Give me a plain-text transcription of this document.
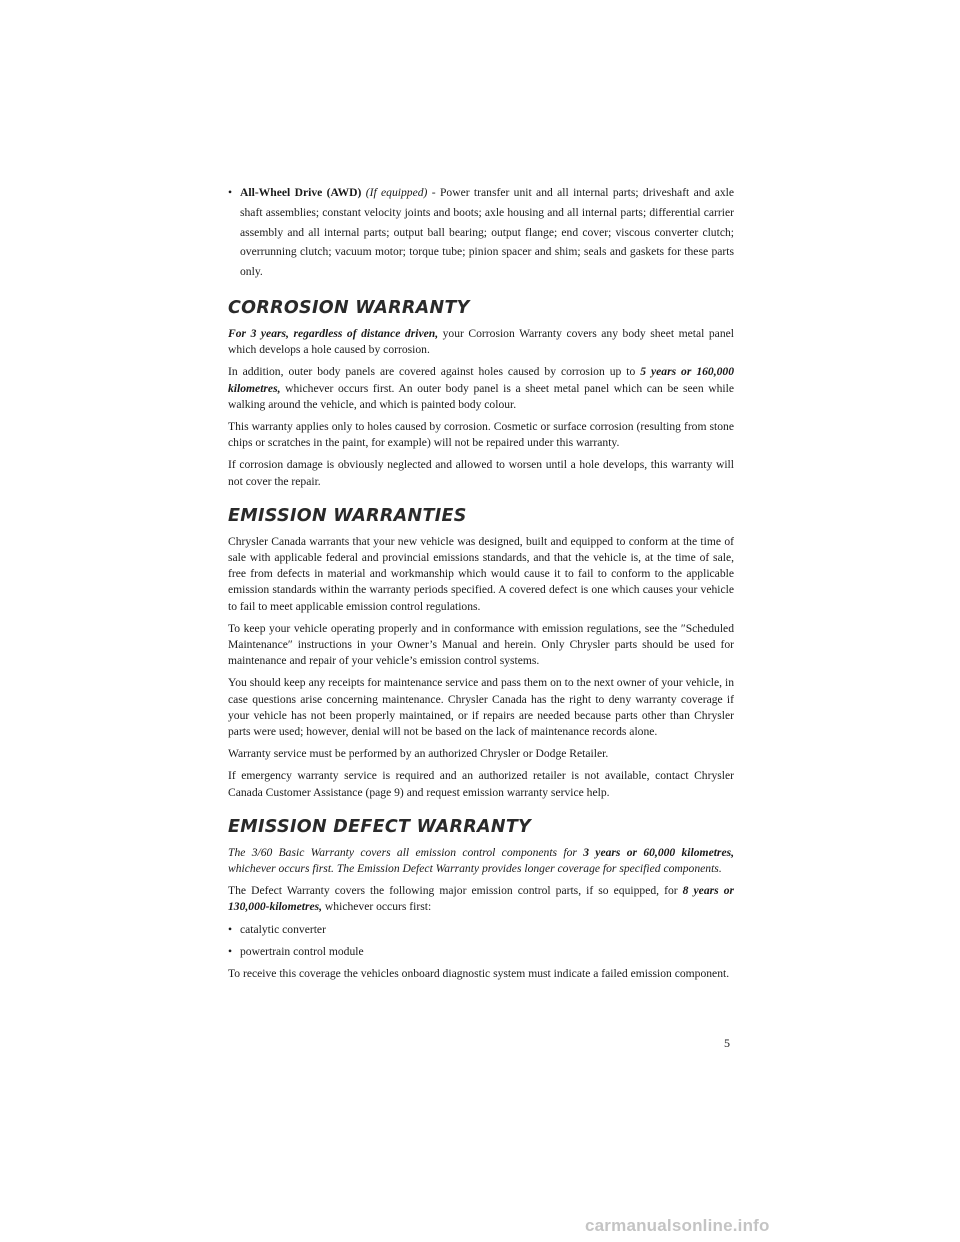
• All-Wheel Drive (AWD) (If equipped) - Power transfer unit and all internal parts; driveshaft and axle shaft assemblies; constant velocity joints and boots; axle housing and all internal parts; differential carrier assembly and all internal parts; output ball bearing; output flange; end cover; viscous converter clutch; overrunning clutch; vacuum motor; torque tube; pinion spacer and shim; seals and gaskets for these parts only.
CORROSION WARRANTY

For 3 years, regardless of distance driven, your Corrosion Warranty covers any body sheet metal panel which develops a hole caused by corrosion.

In addition, outer body panels are covered against holes caused by corrosion up to 5 years or 160,000 kilometres, whichever occurs first. An outer body panel is a sheet metal panel which can be seen while walking around the vehicle, and which is painted body colour.

This warranty applies only to holes caused by corrosion. Cosmetic or surface corrosion (resulting from stone chips or scratches in the paint, for example) will not be repaired under this warranty.

If corrosion damage is obviously neglected and allowed to worsen until a hole develops, this warranty will not cover the repair.

EMISSION WARRANTIES

Chrysler Canada warrants that your new vehicle was designed, built and equipped to conform at the time of sale with applicable federal and provincial emissions standards, and that the vehicle is, at the time of sale, free from defects in material and workmanship which would cause it to fail to conform to the applicable emission standards within the warranty periods specified. A covered defect is one which causes your vehicle to fail to meet applicable emission control regulations.

To keep your vehicle operating properly and in conformance with emission regulations, see the ″Scheduled Maintenance″ instructions in your Owner’s Manual and herein. Only Chrysler parts should be used for maintenance and repair of your vehicle’s emission control systems.

You should keep any receipts for maintenance service and pass them on to the next owner of your vehicle, in case questions arise concerning maintenance. Chrysler Canada has the right to deny warranty coverage if your vehicle has not been properly maintained, or if repairs are needed because parts other than Chrysler parts were used; however, denial will not be based on the lack of maintenance records alone.

Warranty service must be performed by an authorized Chrysler or Dodge Retailer.

If emergency warranty service is required and an authorized retailer is not available, contact Chrysler Canada Customer Assistance (page 9) and request emission warranty service help.

EMISSION DEFECT WARRANTY

The 3/60 Basic Warranty covers all emission control components for 3 years or 60,000 kilometres, whichever occurs first. The Emission Defect Warranty provides longer coverage for specified components.

The Defect Warranty covers the following major emission control parts, if so equipped, for 8 years or 130,000-kilometres, whichever occurs first:

• catalytic converter
• powertrain control module

To receive this coverage the vehicles onboard diagnostic system must indicate a failed emission component.

5
carmanualsonline.info
